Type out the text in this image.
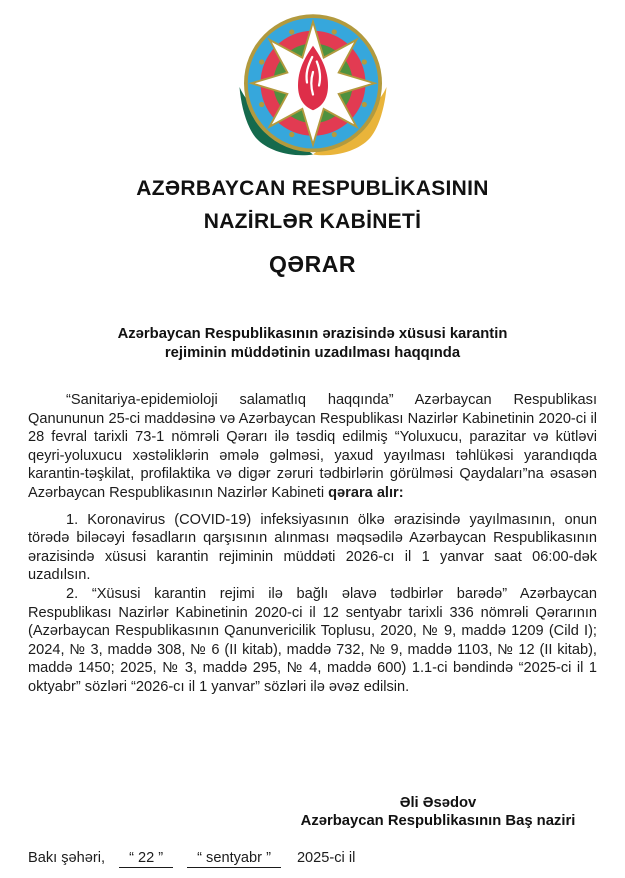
AZƏRBAYCAN RESPUBLİKASININ
NAZİRLƏR KABİNETİ
QƏRAR
Azərbaycan Respublikasının ərazisində xüsusi karantin
rejiminin müddətinin uzadılması haqqında

“Sanitariya-epidemioloji salamatlıq haqqında” Azərbaycan Respublikası Qanununun 25-ci maddəsinə və Azərbaycan Respublikası Nazirlər Kabinetinin 2020-ci il 28 fevral tarixli 73-1 nömrəli Qərarı ilə təsdiq edilmiş “Yoluxucu, parazitar və kütləvi qeyri-yoluxucu xəstəliklərin əmələ gəlməsi, yaxud yayılması təhlükəsi yarandıqda karantin-təşkilat, profilaktika və digər zəruri tədbirlərin görülməsi Qaydaları”na əsasən Azərbaycan Respublikasının Nazirlər Kabineti qərara alır:

1. Koronavirus (COVID-19) infeksiyasının ölkə ərazisində yayılmasının, onun törədə biləcəyi fəsadların qarşısının alınması məqsədilə Azərbaycan Respublikasının ərazisində xüsusi karantin rejiminin müddəti 2026-cı il 1 yanvar saat 06:00-dək uzadılsın.

2. “Xüsusi karantin rejimi ilə bağlı əlavə tədbirlər barədə” Azərbaycan Respublikası Nazirlər Kabinetinin 2020-ci il 12 sentyabr tarixli 336 nömrəli Qərarının (Azərbaycan Respublikasının Qanunvericilik Toplusu, 2020, № 9, maddə 1209 (Cild I); 2024, № 3, maddə 308, № 6 (II kitab), maddə 732, № 9, maddə 1103, № 12 (II kitab), maddə 1450; 2025, № 3, maddə 295, № 4, maddə 600) 1.1-ci bəndində “2025-ci il 1 oktyabr” sözləri “2026-cı il 1 yanvar” sözləri ilə əvəz edilsin.

Əli Əsədov
Azərbaycan Respublikasının Baş naziri
Bakı şəhəri, “ 22 ” “ sentyabr ” 2025-ci il
